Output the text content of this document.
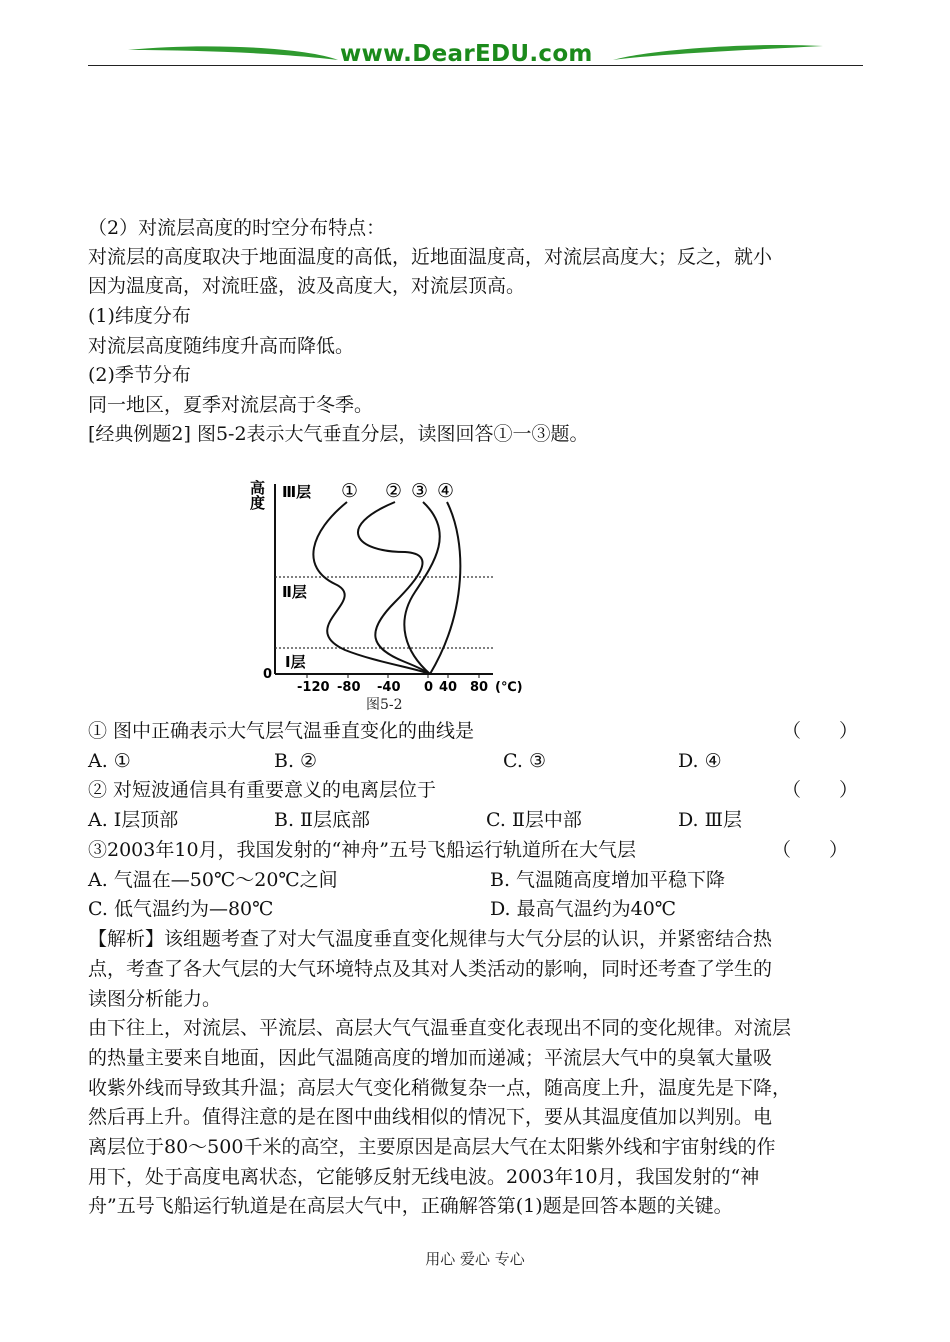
www.DearEDU.com
（2）对流层高度的时空分布特点：
对流层的高度取决于地面温度的高低，近地面温度高，对流层高度大；反之，就小
因为温度高，对流旺盛，波及高度大，对流层顶高。
(1)纬度分布
对流层高度随纬度升高而降低。
(2)季节分布
同一地区，夏季对流层高于冬季。
[经典例题2] 图5-2表示大气垂直分层，读图回答①一③题。
高度 Ⅲ层
Ⅱ层
Ⅰ层
① ② ③ ④
0
-120 -80 -40 0 40 80 (℃)
图5-2
① 图中正确表示大气层气温垂直变化的曲线是	（　　）
A. ①	B. ②	C. ③	D. ④
② 对短波通信具有重要意义的电离层位于	（　　）
A. Ⅰ层顶部	B. Ⅱ层底部	C. Ⅱ层中部	D. Ⅲ层
③2003年10月，我国发射的“神舟”五号飞船运行轨道所在大气层	（　　）
A. 气温在—50℃～20℃之间	B. 气温随高度增加平稳下降
C. 低气温约为—80℃	D. 最高气温约为40℃
【解析】该组题考查了对大气温度垂直变化规律与大气分层的认识，并紧密结合热
点，考查了各大气层的大气环境特点及其对人类活动的影响，同时还考查了学生的
读图分析能力。
由下往上，对流层、平流层、高层大气气温垂直变化表现出不同的变化规律。对流层
的热量主要来自地面，因此气温随高度的增加而递减；平流层大气中的臭氧大量吸
收紫外线而导致其升温；高层大气变化稍微复杂一点，随高度上升，温度先是下降，
然后再上升。值得注意的是在图中曲线相似的情况下，要从其温度值加以判别。电
离层位于80～500千米的高空，主要原因是高层大气在太阳紫外线和宇宙射线的作
用下，处于高度电离状态，它能够反射无线电波。2003年10月，我国发射的“神
舟”五号飞船运行轨道是在高层大气中，正确解答第(1)题是回答本题的关键。
用心 爱心 专心
